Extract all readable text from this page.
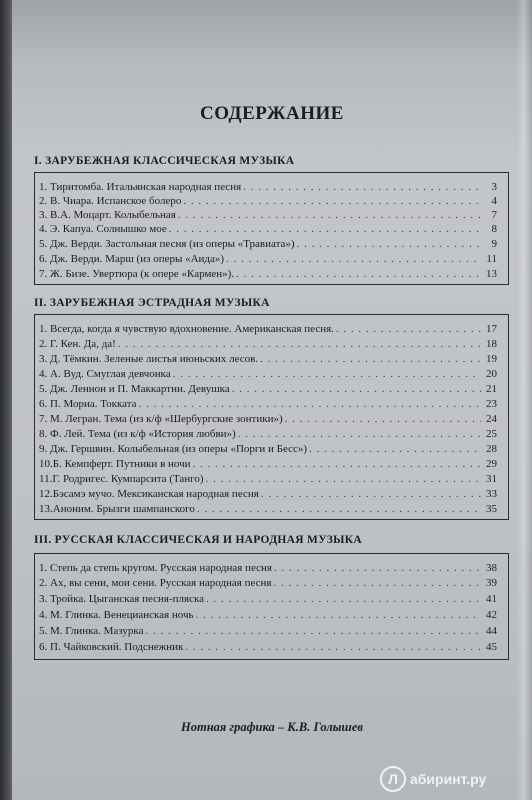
СОДЕРЖАНИЕ
I. ЗАРУБЕЖНАЯ КЛАССИЧЕСКАЯ МУЗЫКА
1. Тиритомба. Итальянская народная песня . . .	3
2. В. Чиара. Испанское болеро . . .	4
3. В.А. Моцарт. Колыбельная . . .	7
4. Э. Капуа. Солнышко мое . . .	8
5. Дж. Верди. Застольная песня (из оперы «Травиата») . . .	9
6. Дж. Верди. Марш (из оперы «Аида») . . .	11
7. Ж. Бизе. Увертюра (к опере «Кармен»). . . .	13
II. ЗАРУБЕЖНАЯ ЭСТРАДНАЯ МУЗЫКА
1. Всегда, когда я чувствую вдохновение. Американская песня. . . .	17
2. Г. Кен. Да, да! . . .	18
3. Д. Тёмкин. Зеленые листья июньских лесов. . . .	19
4. А. Вуд. Смуглая девчонка . . .	20
5. Дж. Леннон и П. Маккартни. Девушка . . .	21
6. П. Мориа. Токката . . .	23
7. М. Легран. Тема (из к/ф «Шербургские зонтики») . . .	24
8. Ф. Лей. Тема (из к/ф «История любви») . . .	25
9. Дж. Гершвин. Колыбельная (из оперы «Порги и Бесс») . . .	28
10.Б. Кемпферт. Путники в ночи . . .	29
11.Г. Родригес. Кумпарсита (Танго) . . .	31
12.Бэсамэ мучо. Мексиканская народная песня . . .	33
13.Аноним. Брызги шампанского . . .	35
III. РУССКАЯ КЛАССИЧЕСКАЯ И НАРОДНАЯ МУЗЫКА
1. Степь да степь кругом. Русская народная песня . . .	38
2. Ах, вы сени, мои сени. Русская народная песня . . .	39
3. Тройка. Цыганская песня-пляска . . .	41
4. М. Глинка. Венецианская ночь . . .	42
5. М. Глинка. Мазурка . . .	44
6. П. Чайковский. Подснежник . . .	45
Нотная графика – К.В. Голышев
Л абиринт.ру
